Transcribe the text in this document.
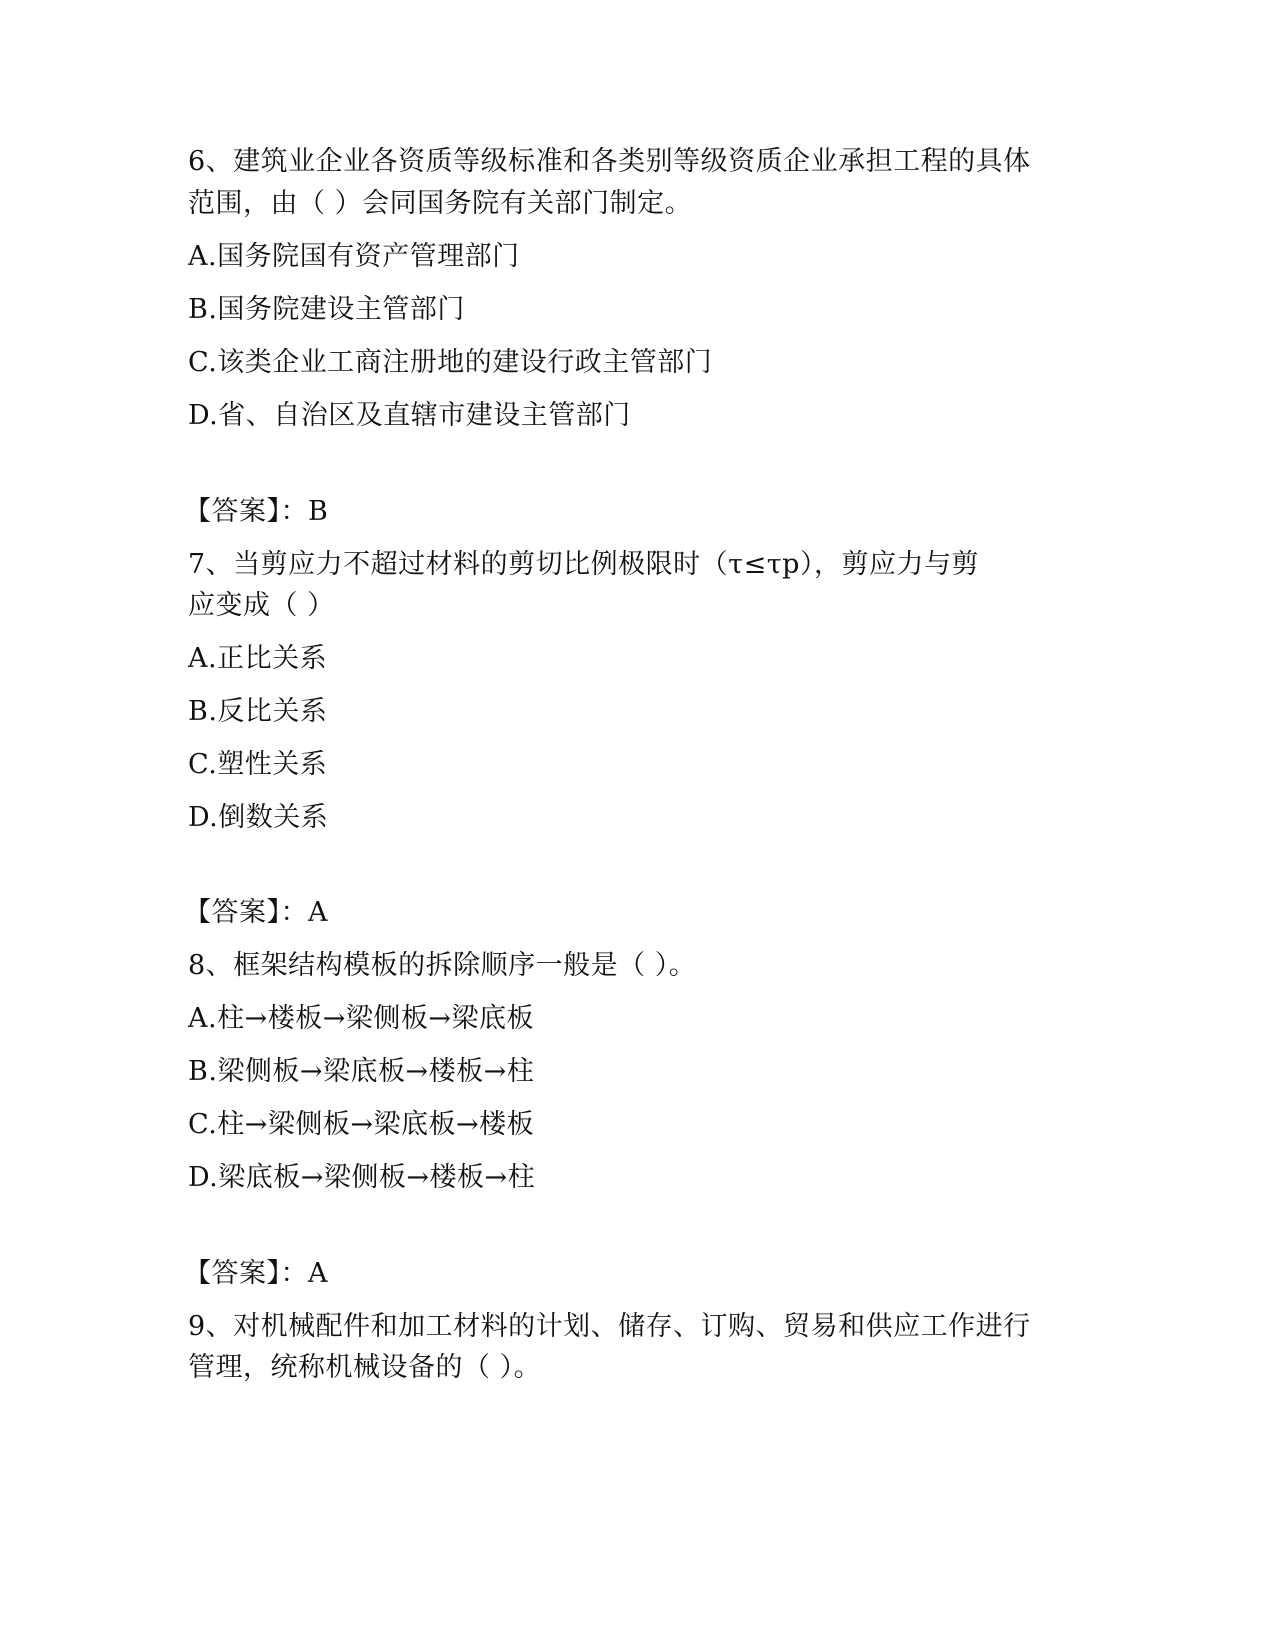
6、建筑业企业各资质等级标准和各类别等级资质企业承担工程的具体
范围，由（ ）会同国务院有关部门制定。
A.国务院国有资产管理部门
B.国务院建设主管部门
C.该类企业工商注册地的建设行政主管部门
D.省、自治区及直辖市建设主管部门
【答案】：B
7、当剪应力不超过材料的剪切比例极限时（τ≤τp），剪应力与剪
应变成（ ）
A.正比关系
B.反比关系
C.塑性关系
D.倒数关系
【答案】：A
8、框架结构模板的拆除顺序一般是（ ）。
A.柱→楼板→梁侧板→梁底板
B.梁侧板→梁底板→楼板→柱
C.柱→梁侧板→梁底板→楼板
D.梁底板→梁侧板→楼板→柱
【答案】：A
9、对机械配件和加工材料的计划、储存、订购、贸易和供应工作进行
管理，统称机械设备的（ ）。
